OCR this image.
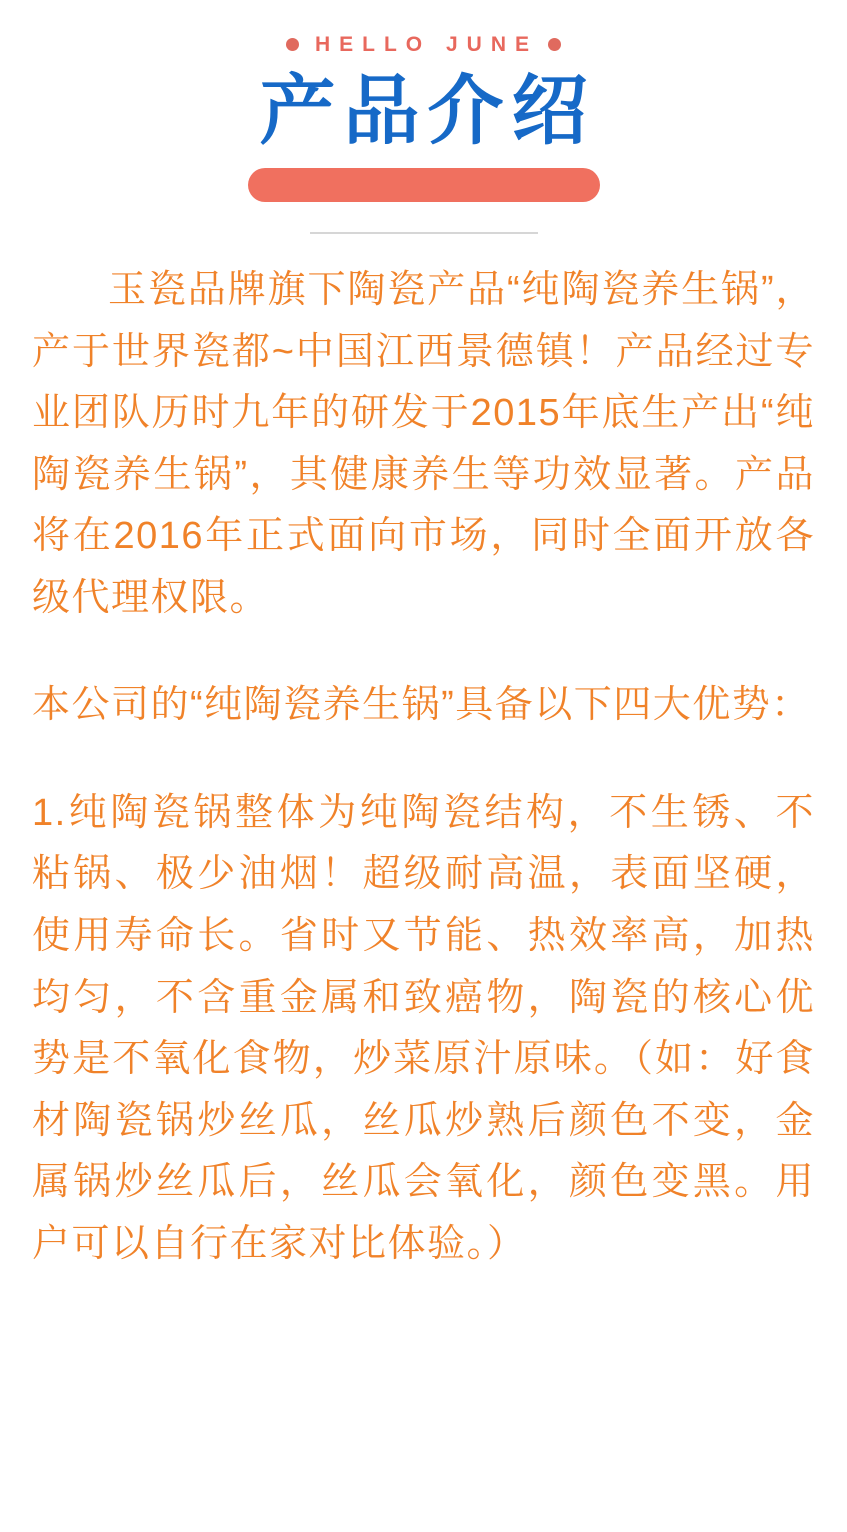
HELLO JUNE
产品介绍

玉瓷品牌旗下陶瓷产品“纯陶瓷养生锅”，产于世界瓷都~中国江西景德镇！产品经过专业团队历时九年的研发于2015年底生产出“纯陶瓷养生锅”，其健康养生等功效显著。产品将在2016年正式面向市场，同时全面开放各级代理权限。

本公司的“纯陶瓷养生锅”具备以下四大优势：

1.纯陶瓷锅整体为纯陶瓷结构，不生锈、不粘锅、极少油烟！超级耐高温，表面坚硬，使用寿命长。省时又节能、热效率高，加热均匀，不含重金属和致癌物，陶瓷的核心优势是不氧化食物，炒菜原汁原味。（如：好食材陶瓷锅炒丝瓜，丝瓜炒熟后颜色不变，金属锅炒丝瓜后，丝瓜会氧化，颜色变黑。用户可以自行在家对比体验。）
